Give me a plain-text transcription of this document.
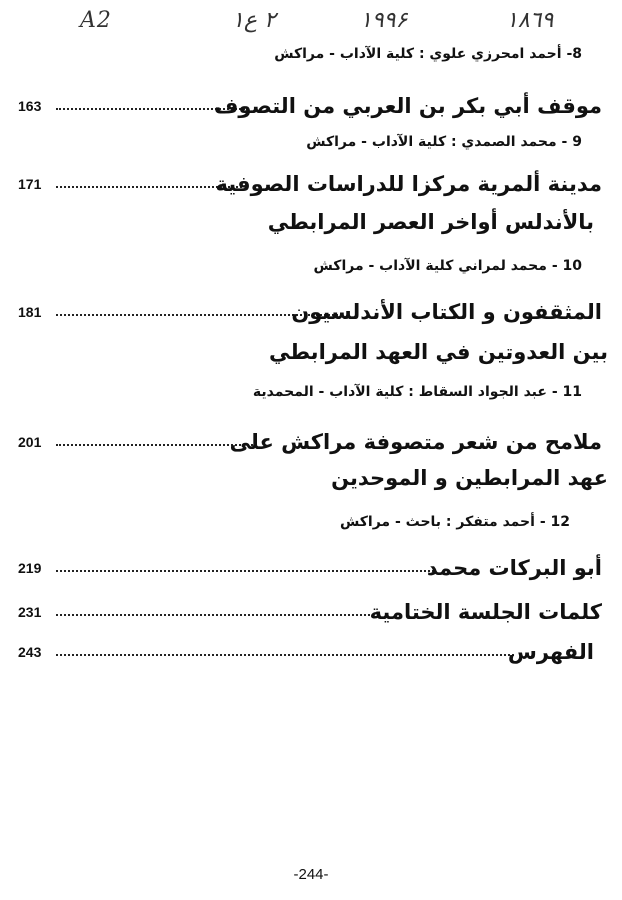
A2	۱٢ ع	۱۹۹۶	۱۸٦۹
8- أحمد امحرزي علوي : كلية الآداب - مراكش
163	موقف أبي بكر بن العربي من التصوف
9 - محمد الصمدي : كلية الآداب - مراكش
171	مدينة ألمرية مركزا للدراسات الصوفية
بالأندلس أواخر العصر المرابطي
10 - محمد لمراني كلية الآداب - مراكش
181	المثقفون و الكتاب الأندلسيون
بين العدوتين في العهد المرابطي
11 - عبد الجواد السقاط : كلية الآداب - المحمدية
201	ملامح من شعر متصوفة مراكش على
عهد المرابطين و الموحدين
12 - أحمد متفكر : باحث - مراكش
219	أبو البركات محمد
231	كلمات الجلسة الختامية
243	الفهرس
-244-
